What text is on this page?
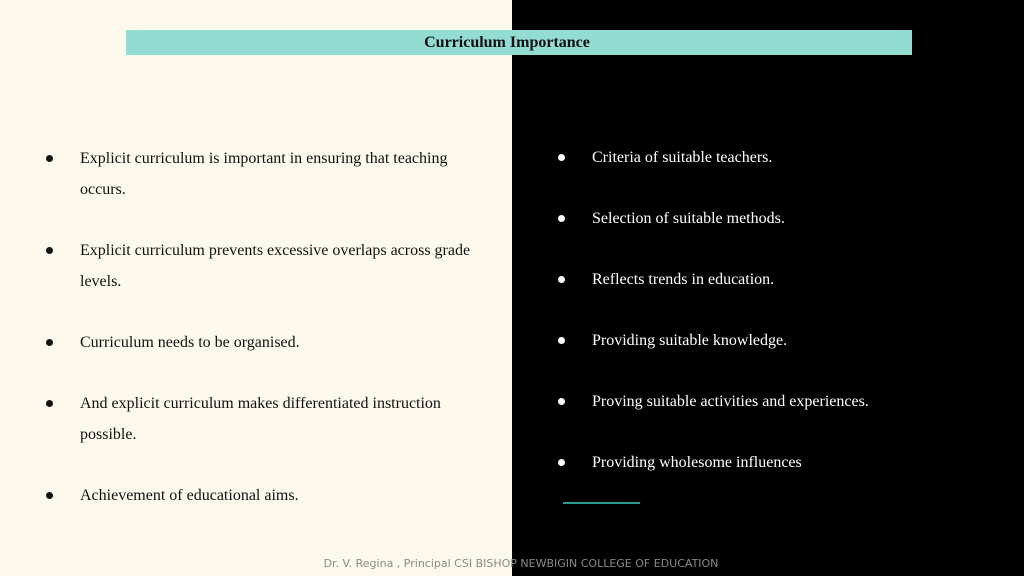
Curriculum Importance
Explicit curriculum is important in ensuring that teaching occurs.
Explicit curriculum prevents excessive overlaps across grade levels.
Curriculum needs to be organised.
And explicit curriculum makes differentiated instruction possible.
Achievement of educational aims.
Criteria of suitable teachers.
Selection of suitable methods.
Reflects trends in education.
Providing suitable knowledge.
Proving suitable activities and experiences.
Providing wholesome influences
Dr. V. Regina , Principal CSI BISHOP NEWBIGIN COLLEGE OF EDUCATION
